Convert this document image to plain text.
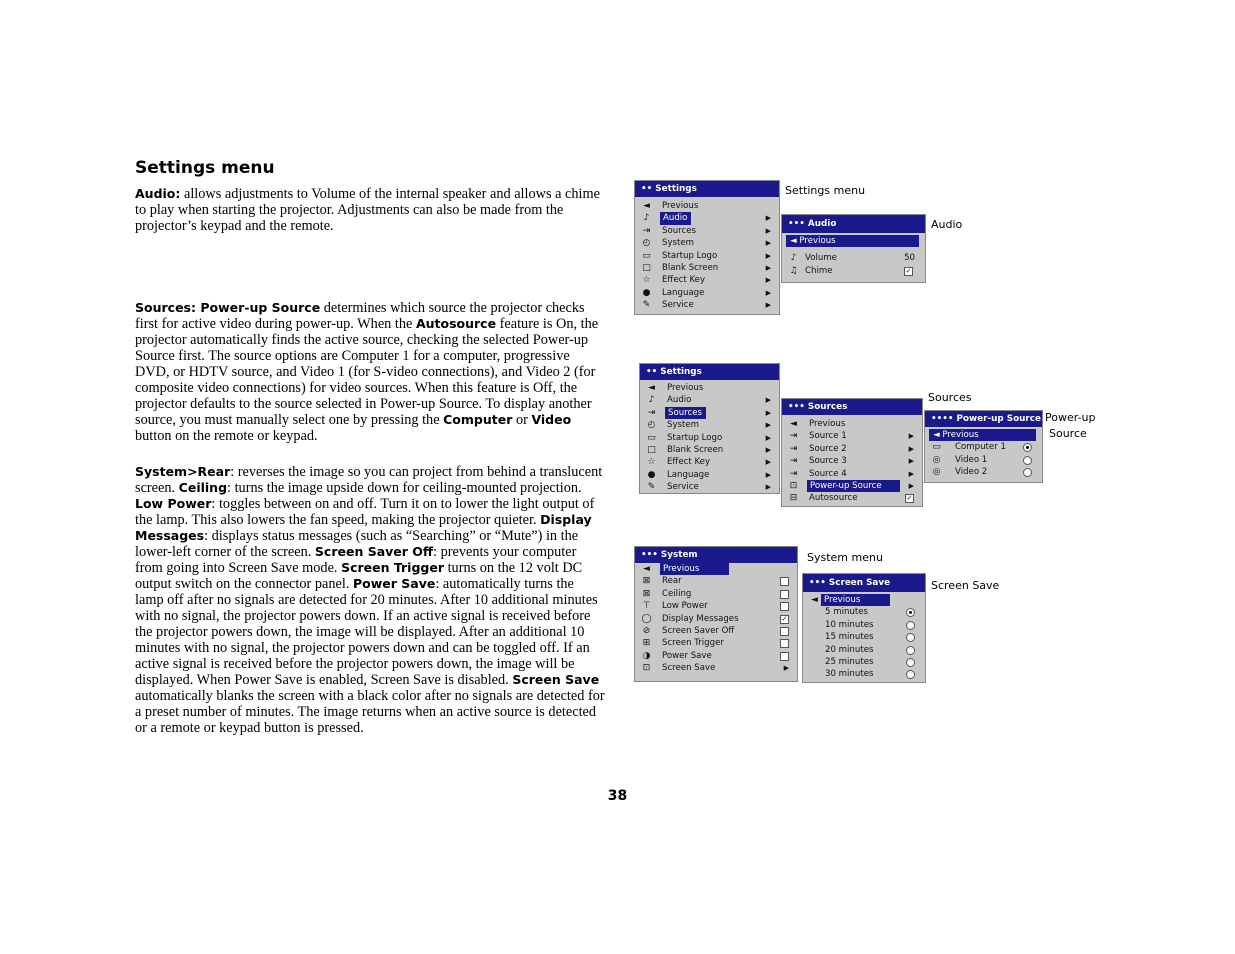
Settings menu

Audio: allows adjustments to Volume of the internal speaker and allows a chime to play when starting the projector. Adjustments can also be made from the projector’s keypad and the remote.

Sources: Power-up Source determines which source the projector checks first for active video during power-up. When the Autosource feature is On, the projector automatically finds the active source, checking the selected Power-up Source first. The source options are Computer 1 for a computer, progressive DVD, or HDTV source, and Video 1 (for S-video connections), and Video 2 (for composite video connections) for video sources. When this feature is Off, the projector defaults to the source selected in Power-up Source. To display another source, you must manually select one by pressing the Computer or Video button on the remote or keypad.

System>Rear: reverses the image so you can project from behind a translucent screen. Ceiling: turns the image upside down for ceiling-mounted projection. Low Power: toggles between on and off. Turn it on to lower the light output of the lamp. This also lowers the fan speed, making the projector quieter. Display Messages: displays status messages (such as “Searching” or “Mute”) in the lower-left corner of the screen. Screen Saver Off: prevents your computer from going into Screen Save mode. Screen Trigger turns on the 12 volt DC output switch on the connector panel. Power Save: automatically turns the lamp off after no signals are detected for 20 minutes. After 10 additional minutes with no signal, the projector powers down. If an active signal is received before the projector powers down, the image will be displayed. After an additional 10 minutes with no signal, the projector powers down and can be toggled off. If an active signal is received before the projector powers down, the image will be displayed. When Power Save is enabled, Screen Save is disabled. Screen Save automatically blanks the screen with a black color after no signals are detected for a preset number of minutes. The image returns when an active source is detected or a remote or keypad button is pressed.

38
•• Settings
◄ Previous
♪	Audio	▶
⇥ Sources	▶
◴ System	▶
▭ Startup Logo	▶
□ Blank Screen	▶
☆ Effect Key	▶
● Language	▶
✎ Service	▶
Settings menu
••• Audio
◄ Previous
♪	Volume	50
♫ Chime	✓
Audio
•• Settings
◄ Previous
♪	Audio	▶
⇥	Sources	▶
◴ System	▶
▭ Startup Logo	▶
□ Blank Screen	▶
☆ Effect Key	▶
● Language	▶
✎ Service	▶
••• Sources
◄ Previous
⇥ Source 1	▶
⇥ Source 2	▶
⇥ Source 3	▶
⇥ Source 4	▶
⊡	Power-up Source	▶
⊟ Autosource	✓
Sources
•••• Power-up Source
◄ Previous
▭ Computer 1
◎ Video 1
◎ Video 2
Power-up
Source
••• System
◄	Previous
⊠ Rear
⊠ Ceiling
⊤ Low Power
◯ Display Messages	✓
⊘ Screen Saver Off
⊞ Screen Trigger
◑ Power Save
⊡ Screen Save	▶
System menu
••• Screen Save
◄ Previous
5 minutes
10 minutes
15 minutes
20 minutes
25 minutes
30 minutes
Screen Save
